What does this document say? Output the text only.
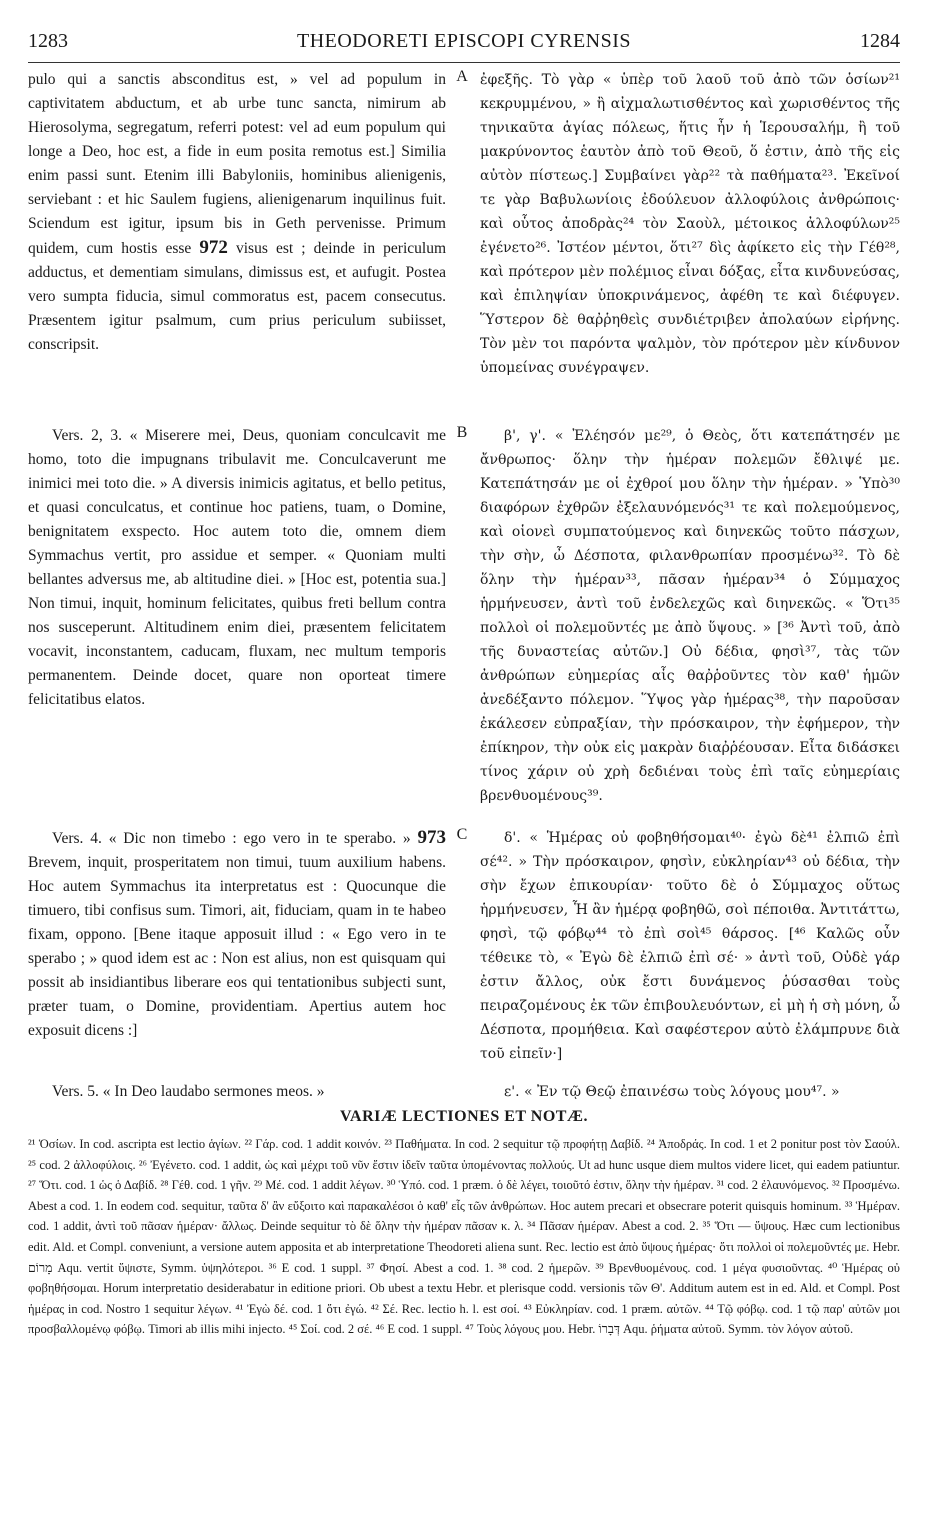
1283	THEODORETI EPISCOPI CYRENSIS	1284

pulo qui a sanctis absconditus est, » vel ad populum in captivitatem abductum, et ab urbe tunc sancta, nimirum ab Hierosolyma, segregatum, referri potest: vel ad eum populum qui longe a Deo, hoc est, a fide in eum posita remotus est.] Similia enim passi sunt. Etenim illi Babyloniis, hominibus alienigenis, serviebant : et hic Saulem fugiens, alienigenarum inquilinus fuit. Sciendum est igitur, ipsum bis in Geth pervenisse. Primum quidem, cum hostis esse 972 visus est ; deinde in periculum adductus, et dementiam simulans, dimissus est, et aufugit. Postea vero sumpta fiducia, simul commoratus est, pacem consecutus. Præsentem igitur psalmum, cum prius periculum subiisset, conscripsit.

Vers. 2, 3. « Miserere mei, Deus, quoniam conculcavit me homo, toto die impugnans tribulavit me. Conculcaverunt me inimici mei toto die. » A diversis inimicis agitatus, et bello petitus, et quasi conculcatus, et continue hoc patiens, tuam, o Domine, benignitatem exspecto. Hoc autem toto die, omnem diem Symmachus vertit, pro assidue et semper. « Quoniam multi bellantes adversus me, ab altitudine diei. » [Hoc est, potentia sua.] Non timui, inquit, hominum felicitates, quibus freti bellum contra nos susceperunt. Altitudinem enim diei, præsentem felicitatem vocavit, inconstantem, caducam, fluxam, nec multum temporis permanentem. Deinde docet, quare non oporteat timere felicitatibus elatos.

Vers. 4. « Dic non timebo : ego vero in te sperabo. » 973 Brevem, inquit, prosperitatem non timui, tuum auxilium habens. Hoc autem Symmachus ita interpretatus est : Quocunque die timuero, tibi confisus sum. Timori, ait, fiduciam, quam in te habeo fixam, oppono. [Bene itaque apposuit illud : « Ego vero in te sperabo ; » quod idem est ac : Non est alius, non est quisquam qui possit ab insidiantibus liberare eos qui tentationibus subjecti sunt, præter tuam, o Domine, providentiam. Apertius autem hoc exposuit dicens :]

Vers. 5. « In Deo laudabo sermones meos. »

A
B
C

ἐφεξῆς. Τὸ γὰρ « ὑπὲρ τοῦ λαοῦ τοῦ ἀπὸ τῶν ὁσίων²¹ κεκρυμμένου, » ἢ αἰχμαλωτισθέντος καὶ χωρισθέντος τῆς τηνικαῦτα ἁγίας πόλεως, ἥτις ἦν ἡ Ἱερουσαλήμ, ἢ τοῦ μακρύνοντος ἑαυτὸν ἀπὸ τοῦ Θεοῦ, ὅ ἐστιν, ἀπὸ τῆς εἰς αὐτὸν πίστεως.] Συμβαίνει γὰρ²² τὰ παθήματα²³. Ἐκεῖνοί τε γὰρ Βαβυλωνίοις ἐδούλευον ἀλλοφύλοις ἀνθρώποις· καὶ οὗτος ἀποδρὰς²⁴ τὸν Σαοὺλ, μέτοικος ἀλλοφύλων²⁵ ἐγένετο²⁶. Ἰστέον μέντοι, ὅτι²⁷ δὶς ἀφίκετο εἰς τὴν Γέθ²⁸, καὶ πρότερον μὲν πολέμιος εἶναι δόξας, εἶτα κινδυνεύσας, καὶ ἐπιληψίαν ὑποκρινάμενος, ἀφέθη τε καὶ διέφυγεν. Ὕστερον δὲ θαῤῥηθεὶς συνδιέτριβεν ἀπολαύων εἰρήνης. Τὸν μὲν τοι παρόντα ψαλμὸν, τὸν πρότερον μὲν κίνδυνον ὑπομείνας συνέγραψεν.

β', γ'. « Ἐλέησόν με²⁹, ὁ Θεὸς, ὅτι κατεπάτησέν με ἄνθρωπος· ὅλην τὴν ἡμέραν πολεμῶν ἔθλιψέ με. Κατεπάτησάν με οἱ ἐχθροί μου ὅλην τὴν ἡμέραν. » Ὑπὸ³⁰ διαφόρων ἐχθρῶν ἐξελαυνόμενός³¹ τε καὶ πολεμούμενος, καὶ οἱονεὶ συμπατούμενος καὶ διηνεκῶς τοῦτο πάσχων, τὴν σὴν, ὦ Δέσποτα, φιλανθρωπίαν προσμένω³². Τὸ δὲ ὅλην τὴν ἡμέραν³³, πᾶσαν ἡμέραν³⁴ ὁ Σύμμαχος ἡρμήνευσεν, ἀντὶ τοῦ ἐνδελεχῶς καὶ διηνεκῶς. « Ὅτι³⁵ πολλοὶ οἱ πολεμοῦντές με ἀπὸ ὕψους. » [³⁶ Ἀντὶ τοῦ, ἀπὸ τῆς δυναστείας αὐτῶν.] Οὐ δέδια, φησὶ³⁷, τὰς τῶν ἀνθρώπων εὐημερίας αἷς θαῤῥοῦντες τὸν καθ' ἡμῶν ἀνεδέξαντο πόλεμον. Ὕψος γὰρ ἡμέρας³⁸, τὴν παροῦσαν ἐκάλεσεν εὐπραξίαν, τὴν πρόσκαιρον, τὴν ἐφήμερον, τὴν ἐπίκηρον, τὴν οὐκ εἰς μακρὰν διαῤῥέουσαν. Εἶτα διδάσκει τίνος χάριν οὐ χρὴ δεδιέναι τοὺς ἐπὶ ταῖς εὐημερίαις βρενθυομένους³⁹.

δ'. « Ἡμέρας οὐ φοβηθήσομαι⁴⁰· ἐγὼ δὲ⁴¹ ἐλπιῶ ἐπὶ σέ⁴². » Τὴν πρόσκαιρον, φησὶν, εὐκληρίαν⁴³ οὐ δέδια, τὴν σὴν ἔχων ἐπικουρίαν· τοῦτο δὲ ὁ Σύμμαχος οὕτως ἡρμήνευσεν, Ἧ ἂν ἡμέρᾳ φοβηθῶ, σοὶ πέποιθα. Ἀντιτάττω, φησὶ, τῷ φόβῳ⁴⁴ τὸ ἐπὶ σοὶ⁴⁵ θάρσος. [⁴⁶ Καλῶς οὖν τέθεικε τὸ, « Ἐγὼ δὲ ἐλπιῶ ἐπὶ σέ· » ἀντὶ τοῦ, Οὐδὲ γάρ ἐστιν ἄλλος, οὐκ ἔστι δυνάμενος ῥύσασθαι τοὺς πειραζομένους ἐκ τῶν ἐπιβουλευόντων, εἰ μὴ ἡ σὴ μόνη, ὦ Δέσποτα, προμήθεια. Καὶ σαφέστερον αὐτὸ ἐλάμπρυνε διὰ τοῦ εἰπεῖν·]

ε'. « Ἐν τῷ Θεῷ ἐπαινέσω τοὺς λόγους μου⁴⁷. »

VARIÆ LECTIONES ET NOTÆ.

²¹ Ὁσίων. In cod. ascripta est lectio ἁγίων. ²² Γάρ. cod. 1 addit κοινόν. ²³ Παθήματα. In cod. 2 sequitur τῷ προφήτῃ Δαβίδ. ²⁴ Ἀποδράς. In cod. 1 et 2 ponitur post τὸν Σαούλ. ²⁵ cod. 2 ἀλλοφύλοις. ²⁶ Ἐγένετο. cod. 1 addit, ὡς καὶ μέχρι τοῦ νῦν ἔστιν ἰδεῖν ταῦτα ὑπομένοντας πολλούς. Ut ad hunc usque diem multos videre licet, qui eadem patiuntur. ²⁷ Ὅτι. cod. 1 ὡς ὁ Δαβίδ. ²⁸ Γέθ. cod. 1 γῆν. ²⁹ Μέ. cod. 1 addit λέγων. ³⁰ Ὑπό. cod. 1 præm. ὁ δὲ λέγει, τοιοῦτό ἐστιν, ὅλην τὴν ἡμέραν. ³¹ cod. 2 ἐλαυνόμενος. ³² Προσμένω. Abest a cod. 1. In eodem cod. sequitur, ταῦτα δ' ἂν εὔξοιτο καὶ παρακαλέσοι ὁ καθ' εἷς τῶν ἀνθρώπων. Hoc autem precari et obsecrare poterit quisquis hominum. ³³ Ἡμέραν. cod. 1 addit, ἀντὶ τοῦ πᾶσαν ἡμέραν· ἄλλως. Deinde sequitur τὸ δὲ ὅλην τὴν ἡμέραν πᾶσαν κ. λ. ³⁴ Πᾶσαν ἡμέραν. Abest a cod. 2. ³⁵ Ὅτι — ὕψους. Hæc cum lectionibus edit. Ald. et Compl. conveniunt, a versione autem apposita et ab interpretatione Theodoreti aliena sunt. Rec. lectio est ἀπὸ ὕψους ἡμέρας· ὅτι πολλοὶ οἱ πολεμοῦντές με. Hebr. מָרוֹם Aqu. vertit ὕψιστε, Symm. ὑψηλότεροι. ³⁶ E cod. 1 suppl. ³⁷ Φησί. Abest a cod. 1. ³⁸ cod. 2 ἡμερῶν. ³⁹ Βρενθυομένους. cod. 1 μέγα φυσιοῦντας. ⁴⁰ Ἡμέρας οὐ φοβηθήσομαι. Horum interpretatio desiderabatur in editione priori. Ob ubest a textu Hebr. et plerisque codd. versionis τῶν Θ'. Additum autem est in ed. Ald. et Compl. Post ἡμέρας in cod. Nostro 1 sequitur λέγων. ⁴¹ Ἐγὼ δέ. cod. 1 ὅτι ἐγώ. ⁴² Σέ. Rec. lectio h. l. est σοί. ⁴³ Εὐκληρίαν. cod. 1 præm. αὐτῶν. ⁴⁴ Τῷ φόβῳ. cod. 1 τῷ παρ' αὐτῶν μοι προσβαλλομένῳ φόβῳ. Timori ab illis mihi injecto. ⁴⁵ Σοί. cod. 2 σέ. ⁴⁶ E cod. 1 suppl. ⁴⁷ Τοὺς λόγους μου. Hebr. דְּבָרוֹ Aqu. ῥήματα αὐτοῦ. Symm. τὸν λόγον αὐτοῦ.
